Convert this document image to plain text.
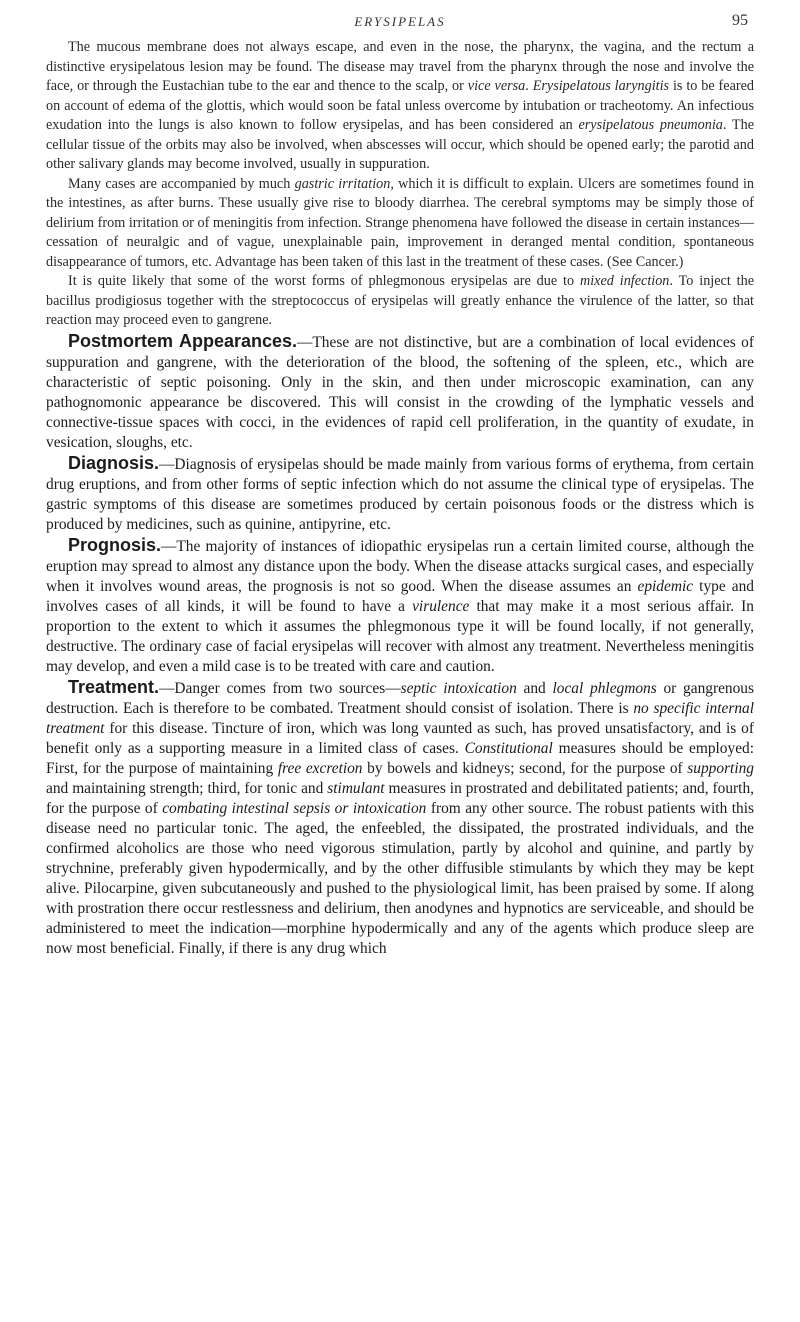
ERYSIPELAS	95

The mucous membrane does not always escape, and even in the nose, the pharynx, the vagina, and the rectum a distinctive erysipelatous lesion may be found. The disease may travel from the pharynx through the nose and involve the face, or through the Eustachian tube to the ear and thence to the scalp, or vice versa. Erysipelatous laryngitis is to be feared on account of edema of the glottis, which would soon be fatal unless overcome by intubation or tracheotomy. An infectious exudation into the lungs is also known to follow erysipelas, and has been considered an erysipelatous pneumonia. The cellular tissue of the orbits may also be involved, when abscesses will occur, which should be opened early; the parotid and other salivary glands may become involved, usually in suppuration.

Many cases are accompanied by much gastric irritation, which it is difficult to explain. Ulcers are sometimes found in the intestines, as after burns. These usually give rise to bloody diarrhea. The cerebral symptoms may be simply those of delirium from irritation or of meningitis from infection. Strange phenomena have followed the disease in certain instances—cessation of neuralgic and of vague, unexplainable pain, improvement in deranged mental condition, spontaneous disappearance of tumors, etc. Advantage has been taken of this last in the treatment of these cases. (See Cancer.)

It is quite likely that some of the worst forms of phlegmonous erysipelas are due to mixed infection. To inject the bacillus prodigiosus together with the streptococcus of erysipelas will greatly enhance the virulence of the latter, so that reaction may proceed even to gangrene.

Postmortem Appearances.—These are not distinctive, but are a combination of local evidences of suppuration and gangrene, with the deterioration of the blood, the softening of the spleen, etc., which are characteristic of septic poisoning. Only in the skin, and then under microscopic examination, can any pathognomonic appearance be discovered. This will consist in the crowding of the lymphatic vessels and connective-tissue spaces with cocci, in the evidences of rapid cell proliferation, in the quantity of exudate, in vesication, sloughs, etc.

Diagnosis.—Diagnosis of erysipelas should be made mainly from various forms of erythema, from certain drug eruptions, and from other forms of septic infection which do not assume the clinical type of erysipelas. The gastric symptoms of this disease are sometimes produced by certain poisonous foods or the distress which is produced by medicines, such as quinine, antipyrine, etc.

Prognosis.—The majority of instances of idiopathic erysipelas run a certain limited course, although the eruption may spread to almost any distance upon the body. When the disease attacks surgical cases, and especially when it involves wound areas, the prognosis is not so good. When the disease assumes an epidemic type and involves cases of all kinds, it will be found to have a virulence that may make it a most serious affair. In proportion to the extent to which it assumes the phlegmonous type it will be found locally, if not generally, destructive. The ordinary case of facial erysipelas will recover with almost any treatment. Nevertheless meningitis may develop, and even a mild case is to be treated with care and caution.

Treatment.—Danger comes from two sources—septic intoxication and local phlegmons or gangrenous destruction. Each is therefore to be combated. Treatment should consist of isolation. There is no specific internal treatment for this disease. Tincture of iron, which was long vaunted as such, has proved unsatisfactory, and is of benefit only as a supporting measure in a limited class of cases. Constitutional measures should be employed: First, for the purpose of maintaining free excretion by bowels and kidneys; second, for the purpose of supporting and maintaining strength; third, for tonic and stimulant measures in prostrated and debilitated patients; and, fourth, for the purpose of combating intestinal sepsis or intoxication from any other source. The robust patients with this disease need no particular tonic. The aged, the enfeebled, the dissipated, the prostrated individuals, and the confirmed alcoholics are those who need vigorous stimulation, partly by alcohol and quinine, and partly by strychnine, preferably given hypodermically, and by the other diffusible stimulants by which they may be kept alive. Pilocarpine, given subcutaneously and pushed to the physiological limit, has been praised by some. If along with prostration there occur restlessness and delirium, then anodynes and hypnotics are serviceable, and should be administered to meet the indication—morphine hypodermically and any of the agents which produce sleep are now most beneficial. Finally, if there is any drug which
